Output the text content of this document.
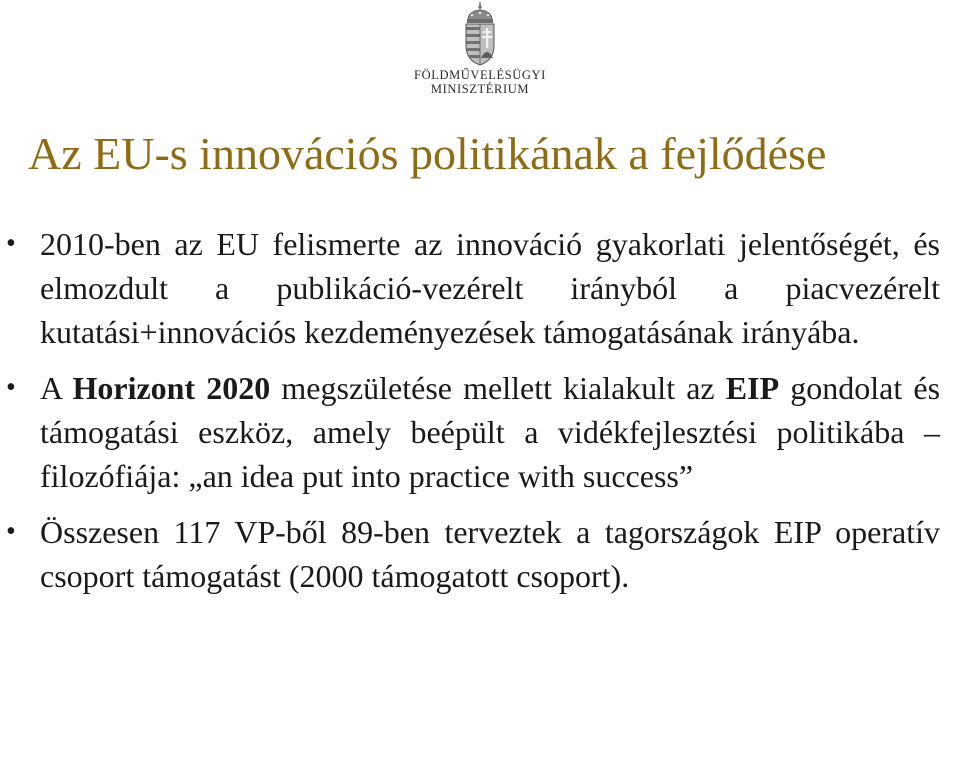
FÖLDMŰVELÉSÜGYI
MINISZTÉRIUM
Az EU-s innovációs politikának a fejlődése
• 2010-ben az EU felismerte az innováció gyakorlati jelentőségét, és elmozdult a publikáció-vezérelt irányból a piacvezérelt kutatási+innovációs kezdeményezések támogatásának irányába.
• A Horizont 2020 megszületése mellett kialakult az EIP gondolat és támogatási eszköz, amely beépült a vidékfejlesztési politikába – filozófiája: „an idea put into practice with success”
• Összesen 117 VP-ből 89-ben terveztek a tagországok EIP operatív csoport támogatást (2000 támogatott csoport).
